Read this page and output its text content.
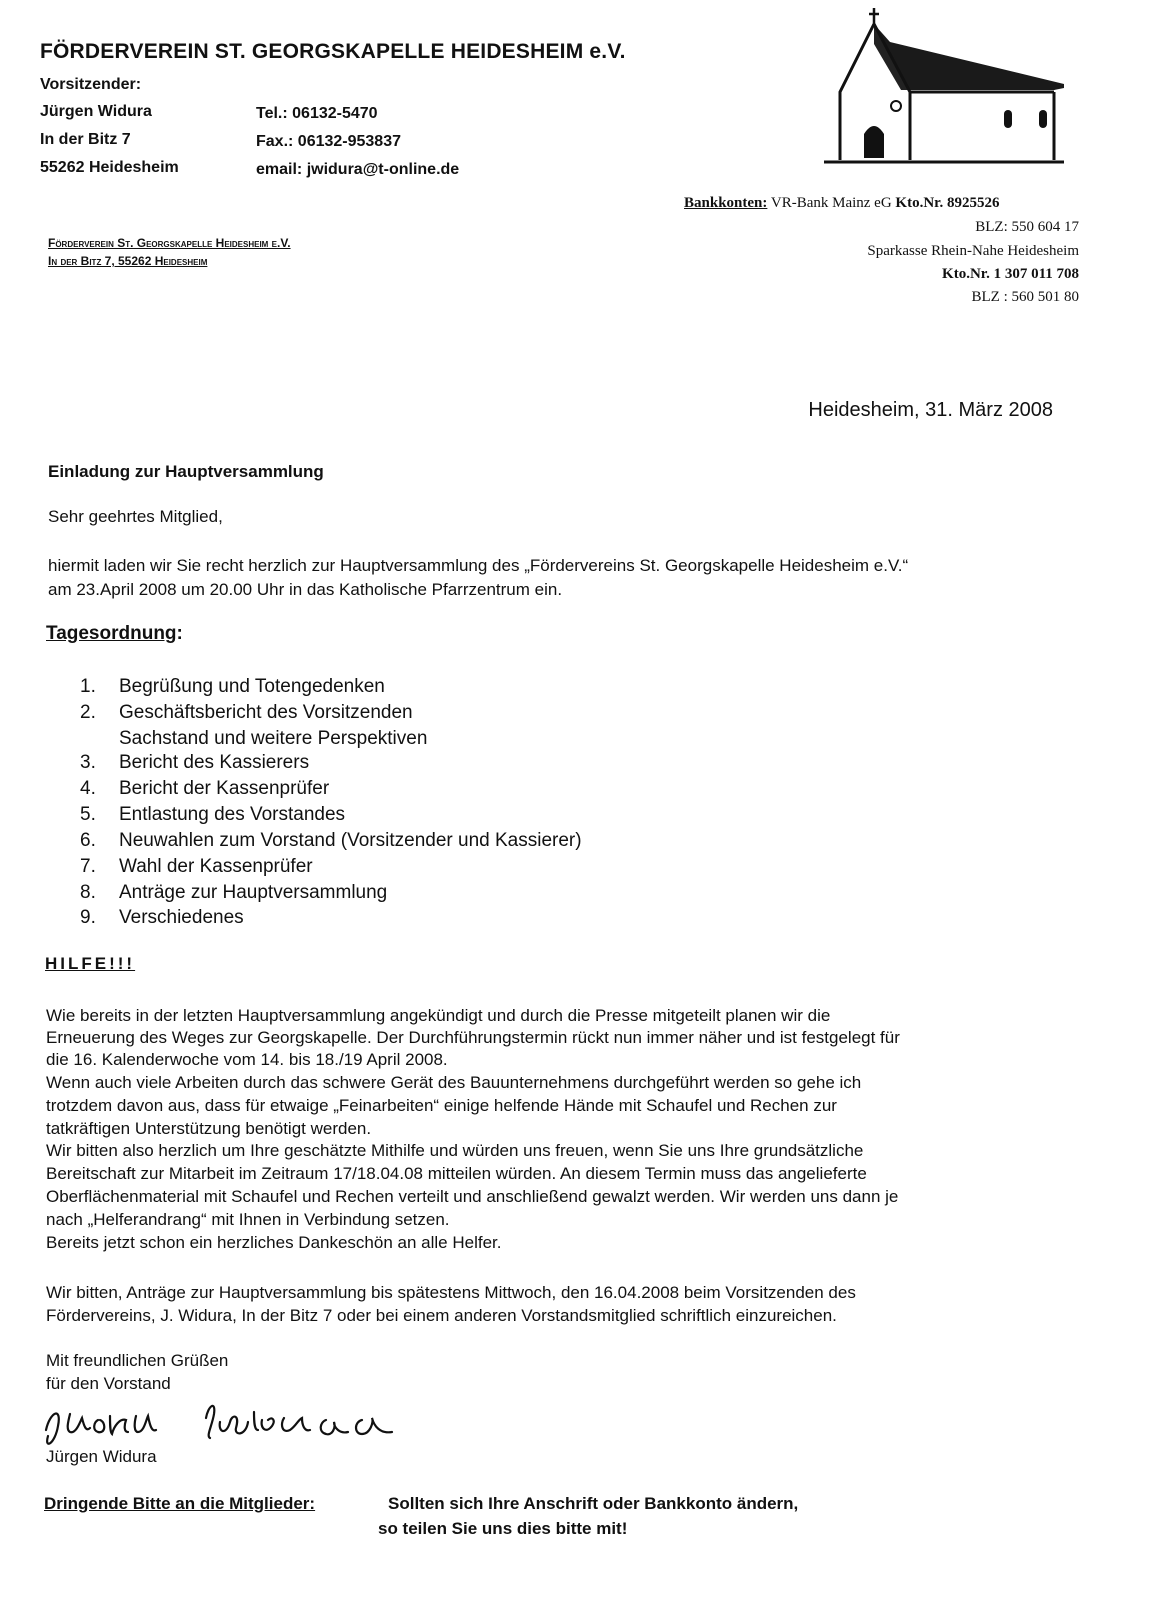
FÖRDERVEREIN ST. GEORGSKAPELLE HEIDESHEIM e.V.
Vorsitzender:
Jürgen Widura
In der Bitz 7
55262 Heidesheim
Tel.: 06132-5470
Fax.: 06132-953837
email: jwidura@t-online.de
Bankkonten: VR-Bank Mainz eG Kto.Nr. 8925526
BLZ: 550 604 17
Sparkasse Rhein-Nahe Heidesheim
Kto.Nr. 1 307 011 708
BLZ : 560 501 80
Förderverein St. Georgskapelle Heidesheim e.V.
In der Bitz 7, 55262 Heidesheim
Heidesheim, 31. März 2008
Einladung zur Hauptversammlung
Sehr geehrtes Mitglied,
hiermit laden wir Sie recht herzlich zur Hauptversammlung des „Fördervereins St. Georgskapelle Heidesheim e.V.“
am 23.April 2008 um 20.00 Uhr in das Katholische Pfarrzentrum ein.
Tagesordnung:
1. Begrüßung und Totengedenken
2. Geschäftsbericht des Vorsitzenden
Sachstand und weitere Perspektiven
3. Bericht des Kassierers
4. Bericht der Kassenprüfer
5. Entlastung des Vorstandes
6. Neuwahlen zum Vorstand (Vorsitzender und Kassierer)
7. Wahl der Kassenprüfer
8. Anträge zur Hauptversammlung
9. Verschiedenes
HILFE!!!
Wie bereits in der letzten Hauptversammlung angekündigt und durch die Presse mitgeteilt planen wir die
Erneuerung des Weges zur Georgskapelle. Der Durchführungstermin rückt nun immer näher und ist festgelegt für
die 16. Kalenderwoche vom 14. bis 18./19 April 2008.
Wenn auch viele Arbeiten durch das schwere Gerät des Bauunternehmens durchgeführt werden so gehe ich
trotzdem davon aus, dass für etwaige „Feinarbeiten“ einige helfende Hände mit Schaufel und Rechen zur
tatkräftigen Unterstützung benötigt werden.
Wir bitten also herzlich um Ihre geschätzte Mithilfe und würden uns freuen, wenn Sie uns Ihre grundsätzliche
Bereitschaft zur Mitarbeit im Zeitraum 17/18.04.08 mitteilen würden. An diesem Termin muss das angelieferte
Oberflächenmaterial mit Schaufel und Rechen verteilt und anschließend gewalzt werden. Wir werden uns dann je
nach „Helferandrang“ mit Ihnen in Verbindung setzen.
Bereits jetzt schon ein herzliches Dankeschön an alle Helfer.
Wir bitten, Anträge zur Hauptversammlung bis spätestens Mittwoch, den 16.04.2008 beim Vorsitzenden des
Fördervereins, J. Widura, In der Bitz 7 oder bei einem anderen Vorstandsmitglied schriftlich einzureichen.
Mit freundlichen Grüßen
für den Vorstand
Jürgen Widura
Dringende Bitte an die Mitglieder:	Sollten sich Ihre Anschrift oder Bankkonto ändern,
so teilen Sie uns dies bitte mit!
